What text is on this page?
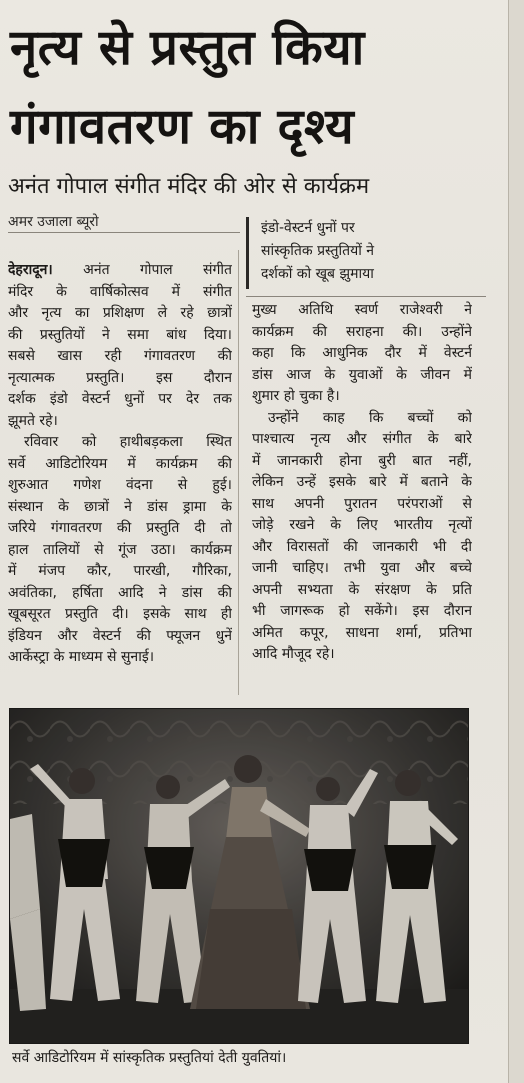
नृत्य से प्रस्तुत किया
गंगावतरण का दृश्य
अनंत गोपाल संगीत मंदिर की ओर से कार्यक्रम
अमर उजाला ब्यूरो	इंडो-वेस्टर्न धुनों पर
सांस्कृतिक प्रस्तुतियों ने
दर्शकों को खूब झुमाया
देहरादून। अनंत गोपाल संगीत
मंदिर के वार्षिकोत्सव में संगीत
और नृत्य का प्रशिक्षण ले रहे छात्रों
की प्रस्तुतियों ने समा बांध दिया।
सबसे खास रही गंगावतरण की
नृत्यात्मक प्रस्तुति। इस दौरान
दर्शक इंडो वेस्टर्न धुनों पर देर तक
झूमते रहे।
रविवार को हाथीबड़कला स्थित
सर्वे आडिटोरियम में कार्यक्रम की
शुरुआत गणेश वंदना से हुई।
संस्थान के छात्रों ने डांस ड्रामा के
जरिये गंगावतरण की प्रस्तुति दी तो
हाल तालियों से गूंज उठा। कार्यक्रम
में मंजप कौर, पारखी, गौरिका,
अवंतिका, हर्षिता आदि ने डांस की
खूबसूरत प्रस्तुति दी। इसके साथ ही
इंडियन और वेस्टर्न की फ्यूजन धुनें
आर्केस्ट्रा के माध्यम से सुनाई।
मुख्य अतिथि स्वर्ण राजेश्वरी ने
कार्यक्रम की सराहना की। उन्होंने
कहा कि आधुनिक दौर में वेस्टर्न
डांस आज के युवाओं के जीवन में
शुमार हो चुका है।
उन्होंने काह कि बच्चों को
पाश्चात्य नृत्य और संगीत के बारे
में जानकारी होना बुरी बात नहीं,
लेकिन उन्हें इसके बारे में बताने के
साथ अपनी पुरातन परंपराओं से
जोड़े रखने के लिए भारतीय नृत्यों
और विरासतों की जानकारी भी दी
जानी चाहिए। तभी युवा और बच्चे
अपनी सभ्यता के संरक्षण के प्रति
भी जागरूक हो सकेंगे। इस दौरान
अमित कपूर, साधना शर्मा, प्रतिभा
आदि मौजूद रहे।
सर्वे आडिटोरियम में सांस्कृतिक प्रस्तुतियां देती युवतियां।
